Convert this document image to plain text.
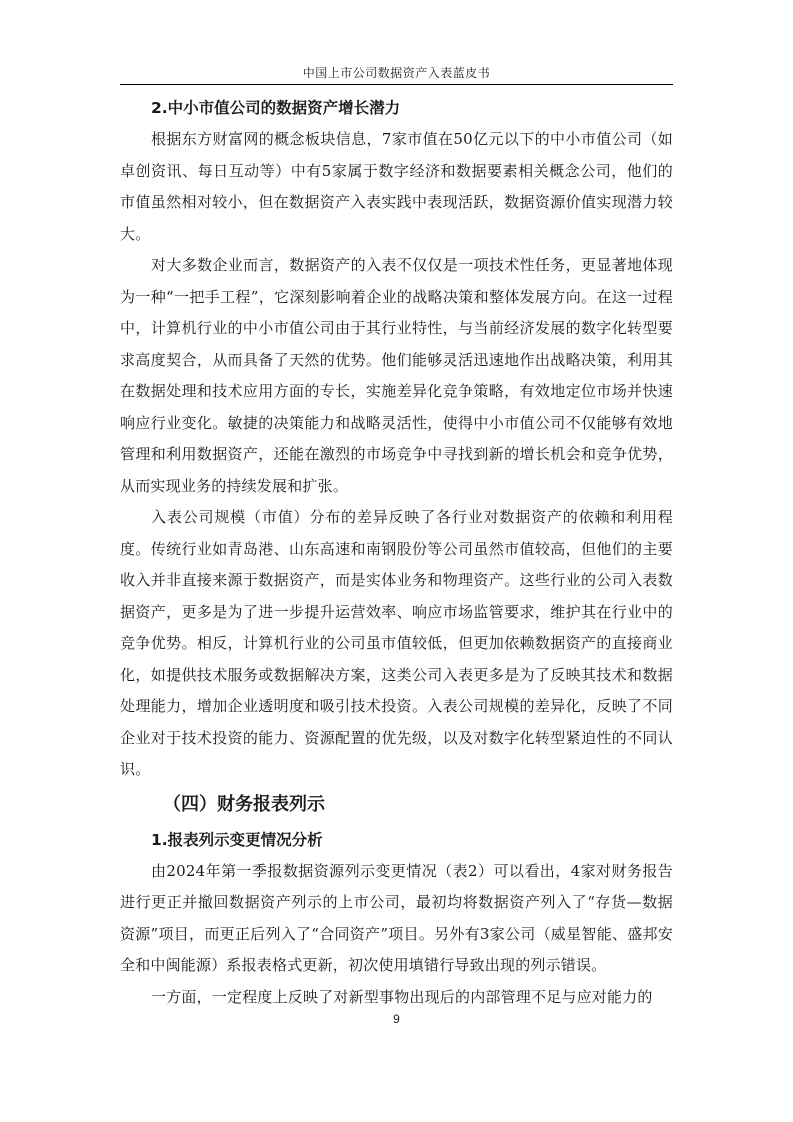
中国上市公司数据资产入表蓝皮书
2.中小市值公司的数据资产增长潜力

根据东方财富网的概念板块信息，7家市值在50亿元以下的中小市值公司（如卓创资讯、每日互动等）中有5家属于数字经济和数据要素相关概念公司，他们的市值虽然相对较小，但在数据资产入表实践中表现活跃，数据资源价值实现潜力较大。

对大多数企业而言，数据资产的入表不仅仅是一项技术性任务，更显著地体现为一种“一把手工程”，它深刻影响着企业的战略决策和整体发展方向。在这一过程中，计算机行业的中小市值公司由于其行业特性，与当前经济发展的数字化转型要求高度契合，从而具备了天然的优势。他们能够灵活迅速地作出战略决策，利用其在数据处理和技术应用方面的专长，实施差异化竞争策略，有效地定位市场并快速响应行业变化。敏捷的决策能力和战略灵活性，使得中小市值公司不仅能够有效地管理和利用数据资产，还能在激烈的市场竞争中寻找到新的增长机会和竞争优势，从而实现业务的持续发展和扩张。

入表公司规模（市值）分布的差异反映了各行业对数据资产的依赖和利用程度。传统行业如青岛港、山东高速和南钢股份等公司虽然市值较高，但他们的主要收入并非直接来源于数据资产，而是实体业务和物理资产。这些行业的公司入表数据资产，更多是为了进一步提升运营效率、响应市场监管要求，维护其在行业中的竞争优势。相反，计算机行业的公司虽市值较低，但更加依赖数据资产的直接商业化，如提供技术服务或数据解决方案，这类公司入表更多是为了反映其技术和数据处理能力，增加企业透明度和吸引技术投资。入表公司规模的差异化，反映了不同企业对于技术投资的能力、资源配置的优先级，以及对数字化转型紧迫性的不同认识。

（四）财务报表列示
1.报表列示变更情况分析

由2024年第一季报数据资源列示变更情况（表2）可以看出，4家对财务报告进行更正并撤回数据资产列示的上市公司，最初均将数据资产列入了“存货—数据资源”项目，而更正后列入了“合同资产”项目。另外有3家公司（威星智能、盛邦安全和中闽能源）系报表格式更新，初次使用填错行导致出现的列示错误。

一方面，一定程度上反映了对新型事物出现后的内部管理不足与应对能力的

9
